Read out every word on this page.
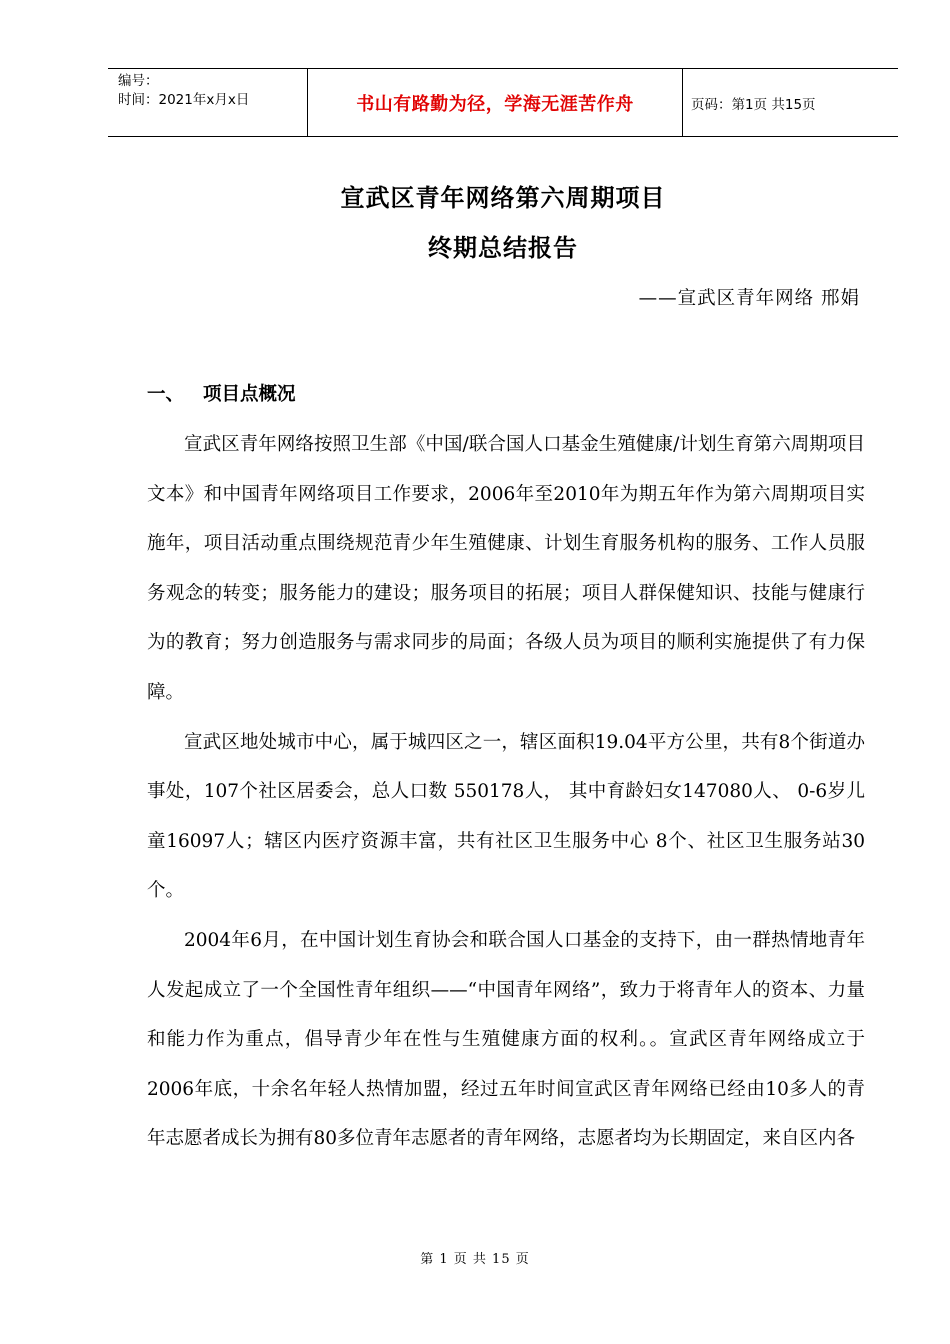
编号：
时间：2021年x月x日	书山有路勤为径，学海无涯苦作舟	页码：第1页 共15页
宣武区青年网络第六周期项目
终期总结报告
——宣武区青年网络 邢娟
一、 项目点概况

宣武区青年网络按照卫生部《中国/联合国人口基金生殖健康/计划生育第六周期项目文本》和中国青年网络项目工作要求，2006年至2010年为期五年作为第六周期项目实施年，项目活动重点围绕规范青少年生殖健康、计划生育服务机构的服务、工作人员服务观念的转变；服务能力的建设；服务项目的拓展；项目人群保健知识、技能与健康行为的教育；努力创造服务与需求同步的局面；各级人员为项目的顺利实施提供了有力保障。

宣武区地处城市中心，属于城四区之一，辖区面积19.04平方公里，共有8个街道办事处，107个社区居委会，总人口数 550178人， 其中育龄妇女147080人、 0-6岁儿童16097人；辖区内医疗资源丰富，共有社区卫生服务中心 8个、社区卫生服务站30个。

2004年6月，在中国计划生育协会和联合国人口基金的支持下，由一群热情地青年人发起成立了一个全国性青年组织——“中国青年网络”，致力于将青年人的资本、力量和能力作为重点，倡导青少年在性与生殖健康方面的权利。。宣武区青年网络成立于2006年底，十余名年轻人热情加盟，经过五年时间宣武区青年网络已经由10多人的青年志愿者成长为拥有80多位青年志愿者的青年网络，志愿者均为长期固定，来自区内各

第 1 页 共 15 页
